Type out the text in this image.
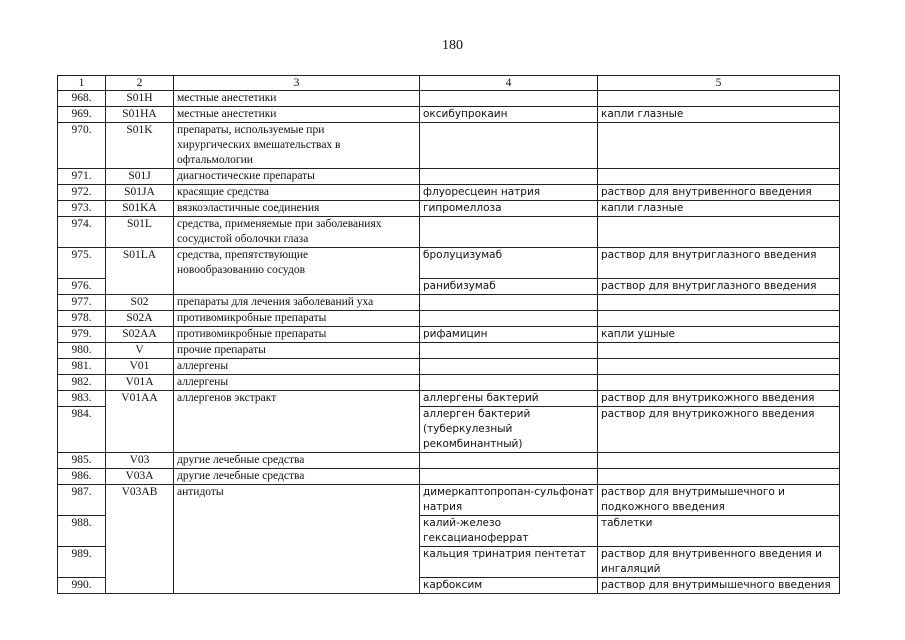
180
1	2	3	4	5
968.	S01H	местные анестетики		
969.	S01HA	местные анестетики	оксибупрокаин	капли глазные
970.	S01K	препараты, используемые при хирургических вмешательствах в офтальмологии		
971.	S01J	диагностические препараты		
972.	S01JA	красящие средства	флуоресцеин натрия	раствор для внутривенного введения
973.	S01KA	вязкоэластичные соединения	гипромеллоза	капли глазные
974.	S01L	средства, применяемые при заболеваниях сосудистой оболочки глаза		
975.	S01LA	средства, препятствующие новообразованию сосудов	бролуцизумаб	раствор для внутриглазного введения
976.			ранибизумаб	раствор для внутриглазного введения
977.	S02	препараты для лечения заболеваний уха		
978.	S02A	противомикробные препараты		
979.	S02AA	противомикробные препараты	рифамицин	капли ушные
980.	V	прочие препараты		
981.	V01	аллергены		
982.	V01A	аллергены		
983.	V01AA	аллергенов экстракт	аллергены бактерий	раствор для внутрикожного введения
984.			аллерген бактерий (туберкулезный рекомбинантный)	раствор для внутрикожного введения
985.	V03	другие лечебные средства		
986.	V03A	другие лечебные средства		
987.	V03AB	антидоты	димеркаптопропан-сульфонат натрия	раствор для внутримышечного и подкожного введения
988.			калий-железо гексацианоферрат	таблетки
989.			кальция тринатрия пентетат	раствор для внутривенного введения и ингаляций
990.			карбоксим	раствор для внутримышечного введения
